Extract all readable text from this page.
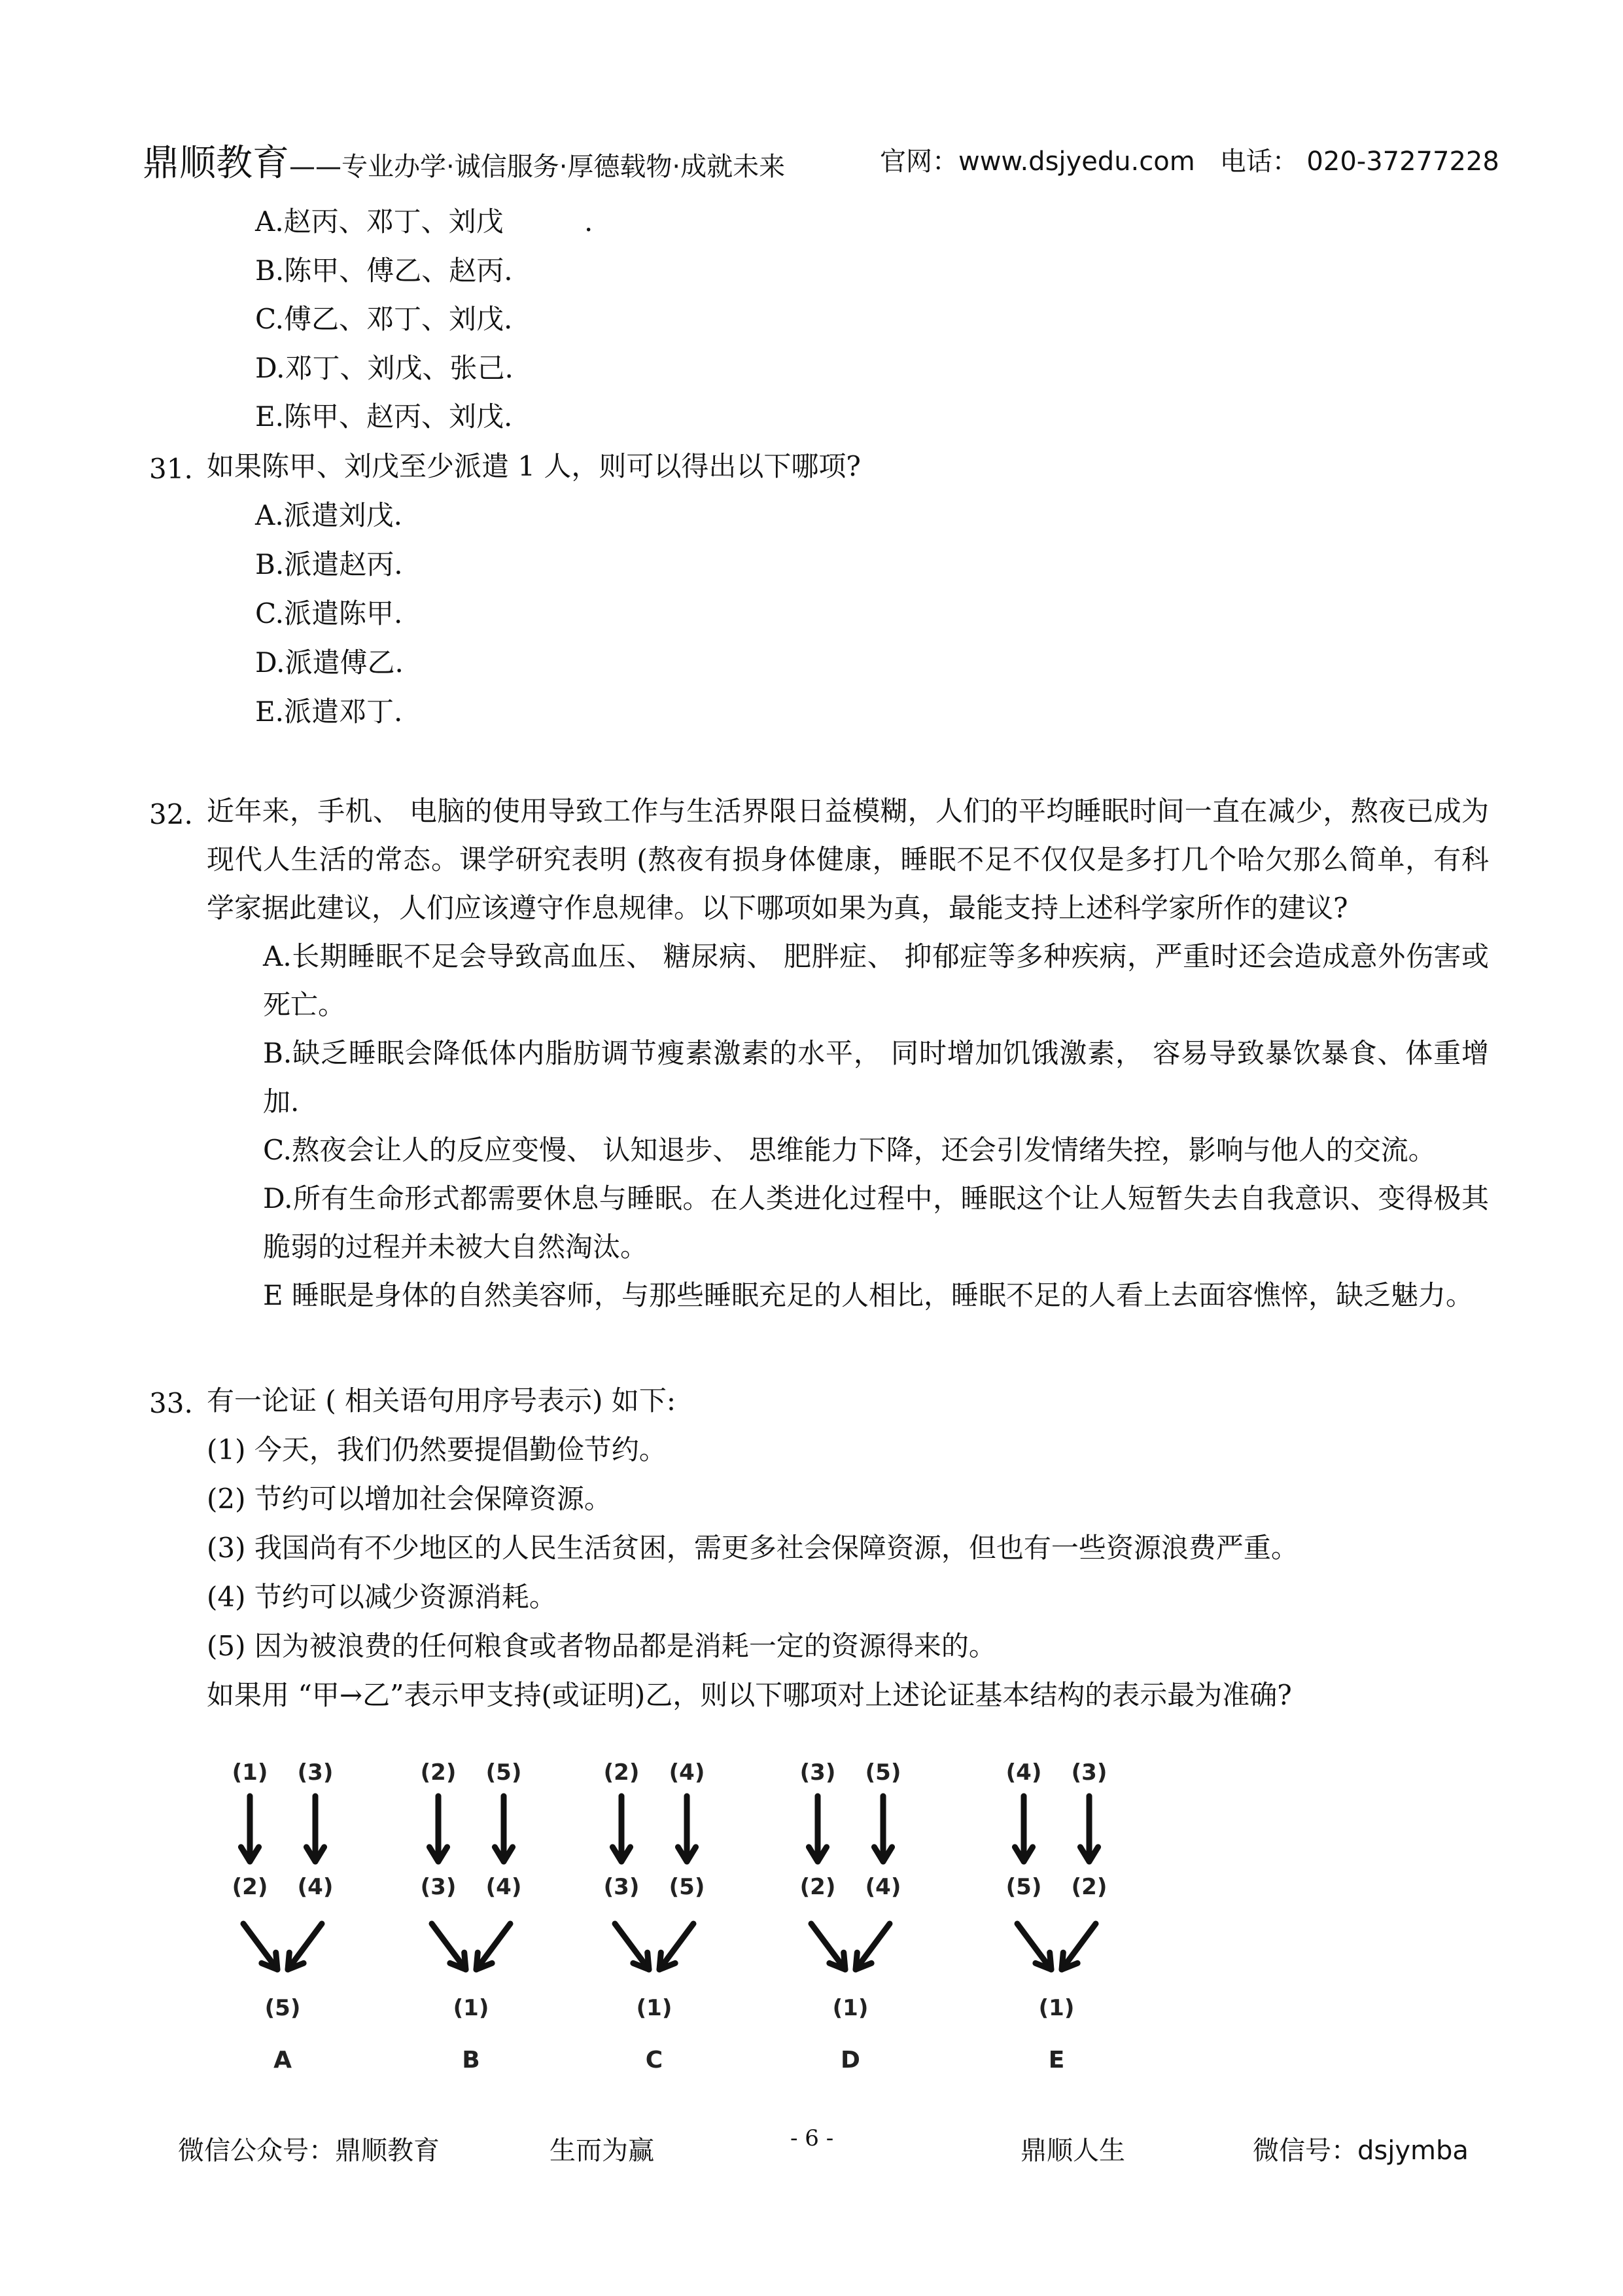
鼎顺教育——专业办学·诚信服务·厚德载物·成就未来	官网：www.dsjyedu.com 电话： 020-37277228
A.赵丙、邓丁、刘戊	.
B.陈甲、傅乙、赵丙.
C.傅乙、邓丁、刘戊.
D.邓丁、刘戊、张己.
E.陈甲、赵丙、刘戊.
31. 如果陈甲、刘戊至少派遣 1 人，则可以得出以下哪项?
A.派遣刘戊.
B.派遣赵丙.
C.派遣陈甲.
D.派遣傅乙.
E.派遣邓丁.
32. 近年来，手机、 电脑的使用导致工作与生活界限日益模糊，人们的平均睡眠时间一直在减少，熬夜已成为现代人生活的常态。课学研究表明 (熬夜有损身体健康，睡眠不足不仅仅是多打几个哈欠那么简单，有科学家据此建议，人们应该遵守作息规律。以下哪项如果为真，最能支持上述科学家所作的建议?
A.长期睡眠不足会导致高血压、 糖尿病、 肥胖症、 抑郁症等多种疾病，严重时还会造成意外伤害或死亡。
B.缺乏睡眠会降低体内脂肪调节瘦素激素的水平， 同时增加饥饿激素， 容易导致暴饮暴食、体重增加.
C.熬夜会让人的反应变慢、 认知退步、 思维能力下降，还会引发情绪失控，影响与他人的交流。
D.所有生命形式都需要休息与睡眠。在人类进化过程中，睡眠这个让人短暂失去自我意识、变得极其脆弱的过程并未被大自然淘汰。
E 睡眠是身体的自然美容师，与那些睡眠充足的人相比，睡眠不足的人看上去面容憔悴，缺乏魅力。
33. 有一论证 ( 相关语句用序号表示) 如下:
(1) 今天，我们仍然要提倡勤俭节约。
(2) 节约可以增加社会保障资源。
(3) 我国尚有不少地区的人民生活贫困，需更多社会保障资源，但也有一些资源浪费严重。
(4) 节约可以减少资源消耗。
(5) 因为被浪费的任何粮食或者物品都是消耗一定的资源得来的。
如果用 “甲→乙”表示甲支持(或证明)乙，则以下哪项对上述论证基本结构的表示最为准确?
(1) (3)
(2) (4)
(5)
A
(2) (5)
(3) (4)
(1)
B
(2) (4)
(3) (5)
(1)
C
(3) (5)
(2) (4)
(1)
D
(4) (3)
(5) (2)
(1)
E
微信公众号：鼎顺教育	生而为赢	- 6 -	鼎顺人生	微信号：dsjymba
